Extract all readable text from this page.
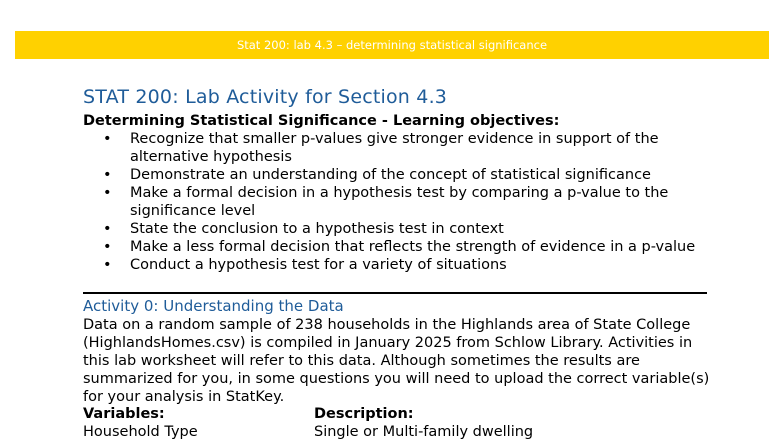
Stat 200: lab 4.3 – determining statistical significance
STAT 200: Lab Activity for Section 4.3
Determining Statistical Significance - Learning objectives:
• Recognize that smaller p-values give stronger evidence in support of the alternative hypothesis
• Demonstrate an understanding of the concept of statistical significance
• Make a formal decision in a hypothesis test by comparing a p-value to the significance level
• State the conclusion to a hypothesis test in context
• Make a less formal decision that reflects the strength of evidence in a p-value
• Conduct a hypothesis test for a variety of situations
Activity 0: Understanding the Data
Data on a random sample of 238 households in the Highlands area of State College (HighlandsHomes.csv) is compiled in January 2025 from Schlow Library. Activities in this lab worksheet will refer to this data. Although sometimes the results are summarized for you, in some questions you will need to upload the correct variable(s) for your analysis in StatKey.
Variables:	Description:
Household Type	Single or Multi-family dwelling
